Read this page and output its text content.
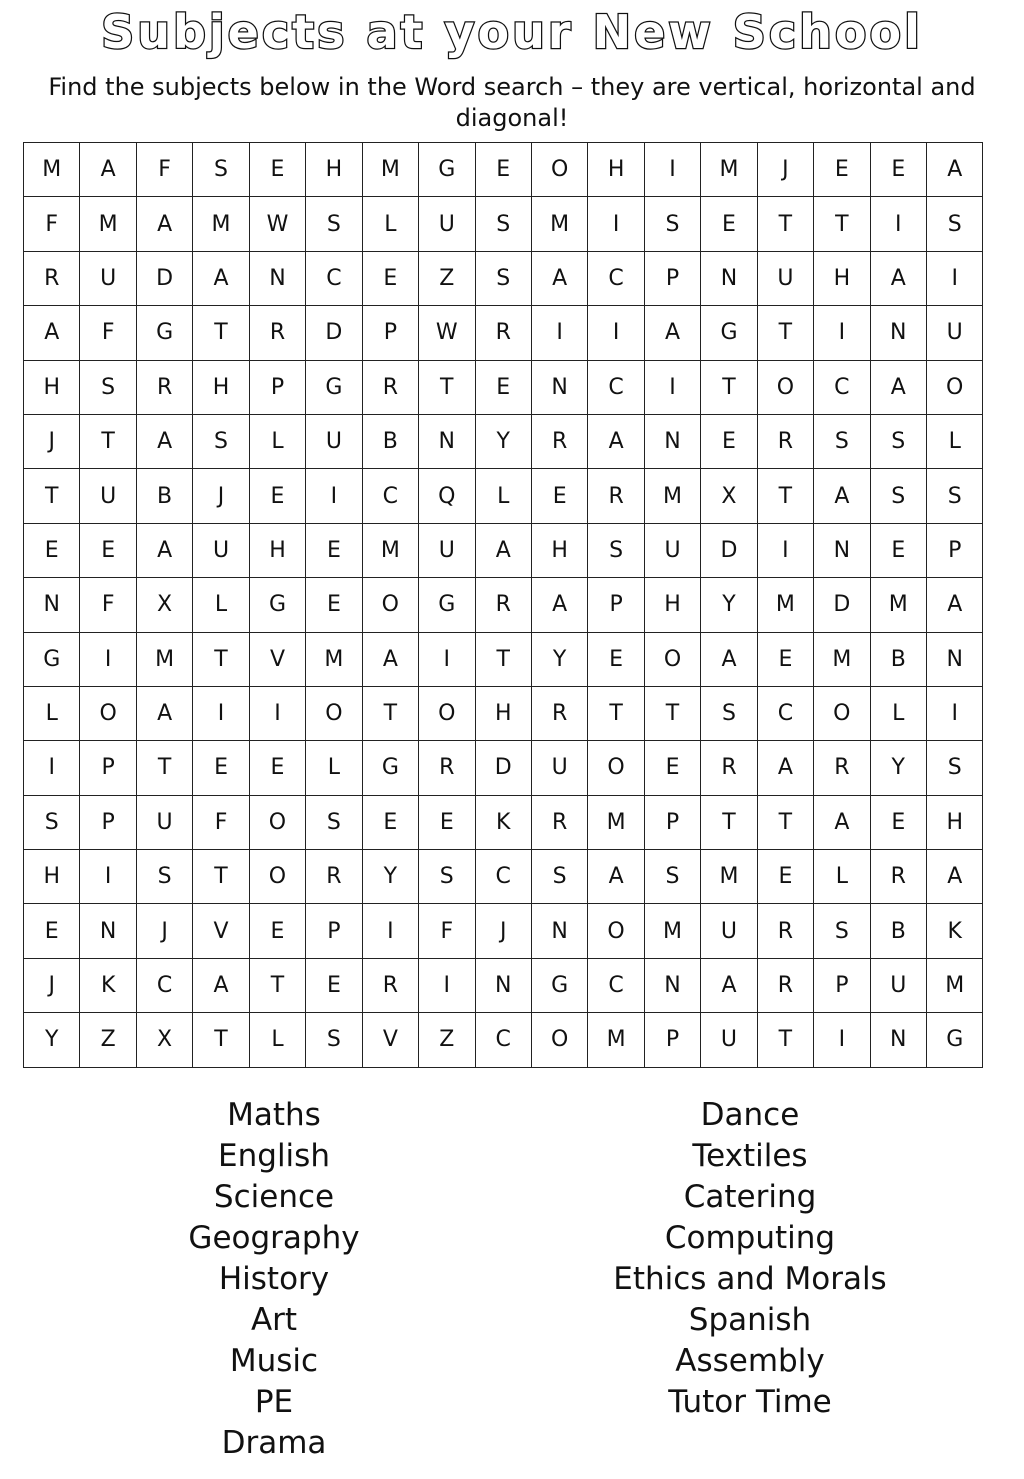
Subjects at your New School

Find the subjects below in the Word search – they are vertical, horizontal and diagonal!

M	A	F	S	E	H	M	G	E	O	H	I	M	J	E	E	A
F	M	A	M	W	S	L	U	S	M	I	S	E	T	T	I	S
R	U	D	A	N	C	E	Z	S	A	C	P	N	U	H	A	I
A	F	G	T	R	D	P	W	R	I	I	A	G	T	I	N	U
H	S	R	H	P	G	R	T	E	N	C	I	T	O	C	A	O
J	T	A	S	L	U	B	N	Y	R	A	N	E	R	S	S	L
T	U	B	J	E	I	C	Q	L	E	R	M	X	T	A	S	S
E	E	A	U	H	E	M	U	A	H	S	U	D	I	N	E	P
N	F	X	L	G	E	O	G	R	A	P	H	Y	M	D	M	A
G	I	M	T	V	M	A	I	T	Y	E	O	A	E	M	B	N
L	O	A	I	I	O	T	O	H	R	T	T	S	C	O	L	I
I	P	T	E	E	L	G	R	D	U	O	E	R	A	R	Y	S
S	P	U	F	O	S	E	E	K	R	M	P	T	T	A	E	H
H	I	S	T	O	R	Y	S	C	S	A	S	M	E	L	R	A
E	N	J	V	E	P	I	F	J	N	O	M	U	R	S	B	K
J	K	C	A	T	E	R	I	N	G	C	N	A	R	P	U	M
Y	Z	X	T	L	S	V	Z	C	O	M	P	U	T	I	N	G
Maths
English
Science
Geography
History
Art
Music
PE
Drama
Dance
Textiles
Catering
Computing
Ethics and Morals
Spanish
Assembly
Tutor Time
